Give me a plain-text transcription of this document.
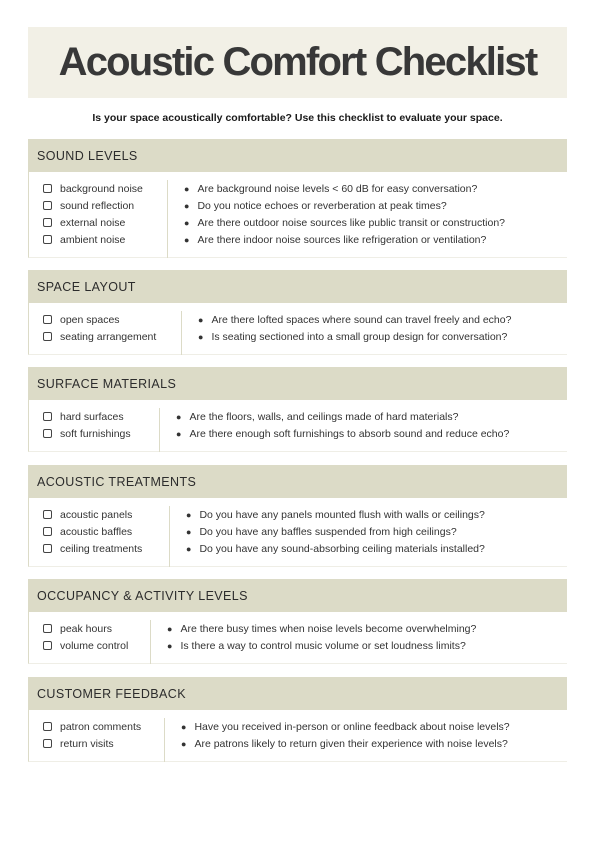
Acoustic Comfort Checklist
Is your space acoustically comfortable? Use this checklist to evaluate your space.
SOUND LEVELS
background noise
sound reflection
external noise
ambient noise
● Are background noise levels < 60 dB for easy conversation?
● Do you notice echoes or reverberation at peak times?
● Are there outdoor noise sources like public transit or construction?
● Are there indoor noise sources like refrigeration or ventilation?
SPACE LAYOUT
open spaces
seating arrangement
● Are there lofted spaces where sound can travel freely and echo?
● Is seating sectioned into a small group design for conversation?
SURFACE MATERIALS
hard surfaces
soft furnishings
● Are the floors, walls, and ceilings made of hard materials?
● Are there enough soft furnishings to absorb sound and reduce echo?
ACOUSTIC TREATMENTS
acoustic panels
acoustic baffles
ceiling treatments
● Do you have any panels mounted flush with walls or ceilings?
● Do you have any baffles suspended from high ceilings?
● Do you have any sound-absorbing ceiling materials installed?
OCCUPANCY & ACTIVITY LEVELS
peak hours
volume control
● Are there busy times when noise levels become overwhelming?
● Is there a way to control music volume or set loudness limits?
CUSTOMER FEEDBACK
patron comments
return visits
● Have you received in-person or online feedback about noise levels?
● Are patrons likely to return given their experience with noise levels?
